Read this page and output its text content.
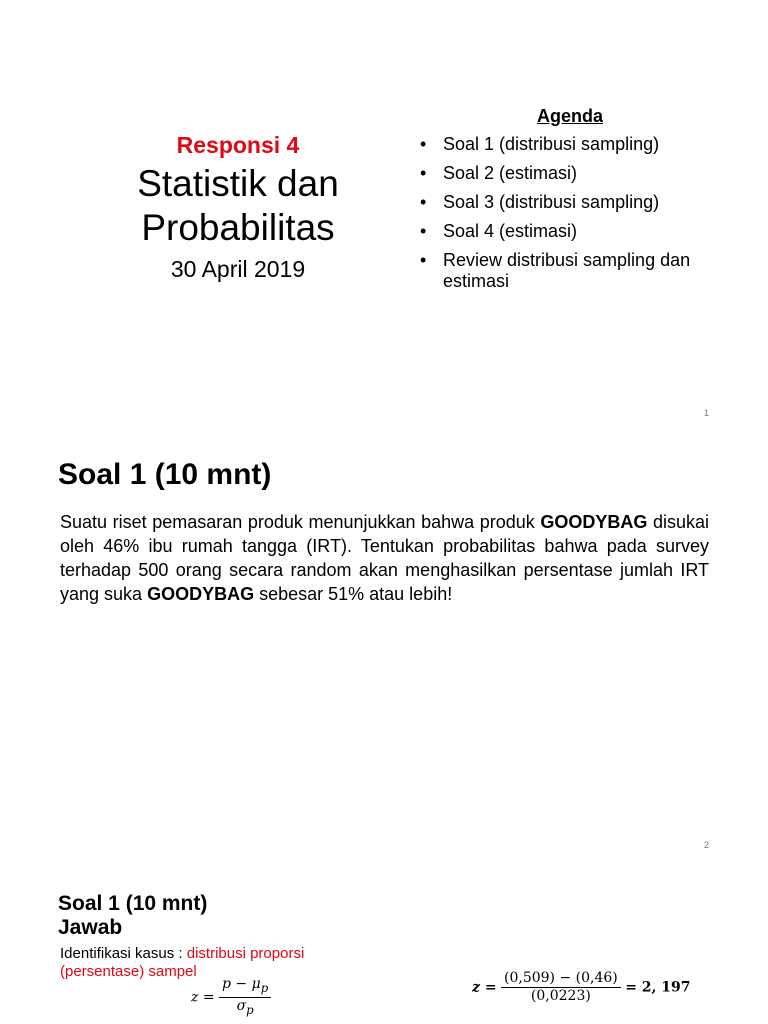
Responsi 4
Statistik dan
Probabilitas
30 April 2019
Agenda
• Soal 1 (distribusi sampling)
• Soal 2 (estimasi)
• Soal 3 (distribusi sampling)
• Soal 4 (estimasi)
• Review distribusi sampling dan estimasi
1
Soal 1 (10 mnt)
Suatu riset pemasaran produk menunjukkan bahwa produk GOODYBAG disukai oleh 46% ibu rumah tangga (IRT). Tentukan probabilitas bahwa pada survey terhadap 500 orang secara random akan menghasilkan persentase jumlah IRT yang suka GOODYBAG sebesar 51% atau lebih!
2
Soal 1 (10 mnt)
Jawab
Identifikasi kasus : distribusi proporsi (persentase) sampel
$z = \frac{p - \mu_p}{\sigma_p}$	$z = \frac{(0,509) - (0,46)}{(0,0223)} = 2$, 197
